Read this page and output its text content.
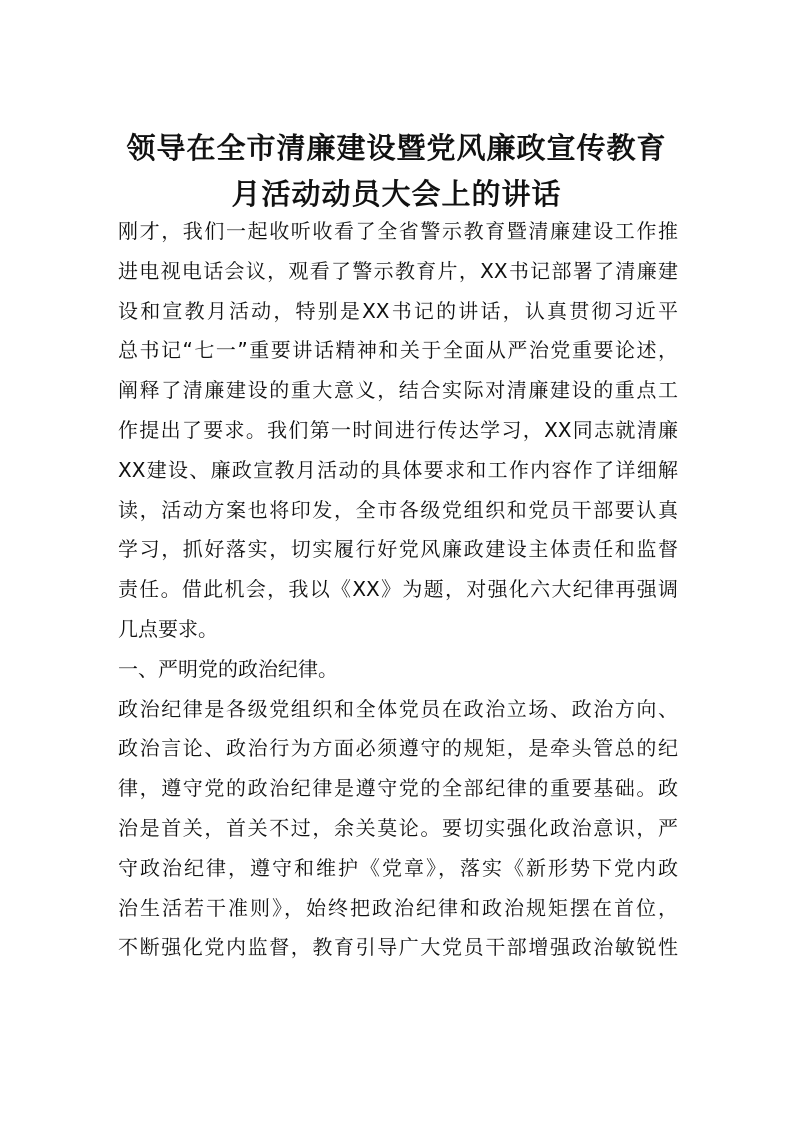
领导在全市清廉建设暨党风廉政宣传教育
月活动动员大会上的讲话
刚才，我们一起收听收看了全省警示教育暨清廉建设工作推
进电视电话会议，观看了警示教育片，XX书记部署了清廉建
设和宣教月活动，特别是XX书记的讲话，认真贯彻习近平
总书记“七一”重要讲话精神和关于全面从严治党重要论述，
阐释了清廉建设的重大意义，结合实际对清廉建设的重点工
作提出了要求。我们第一时间进行传达学习，XX同志就清廉
XX建设、廉政宣教月活动的具体要求和工作内容作了详细解
读，活动方案也将印发，全市各级党组织和党员干部要认真
学习，抓好落实，切实履行好党风廉政建设主体责任和监督
责任。借此机会，我以《XX》为题，对强化六大纪律再强调
几点要求。
一、严明党的政治纪律。
政治纪律是各级党组织和全体党员在政治立场、政治方向、
政治言论、政治行为方面必须遵守的规矩，是牵头管总的纪
律，遵守党的政治纪律是遵守党的全部纪律的重要基础。政
治是首关，首关不过，余关莫论。要切实强化政治意识，严
守政治纪律，遵守和维护《党章》，落实《新形势下党内政
治生活若干准则》，始终把政治纪律和政治规矩摆在首位，
不断强化党内监督，教育引导广大党员干部增强政治敏锐性
